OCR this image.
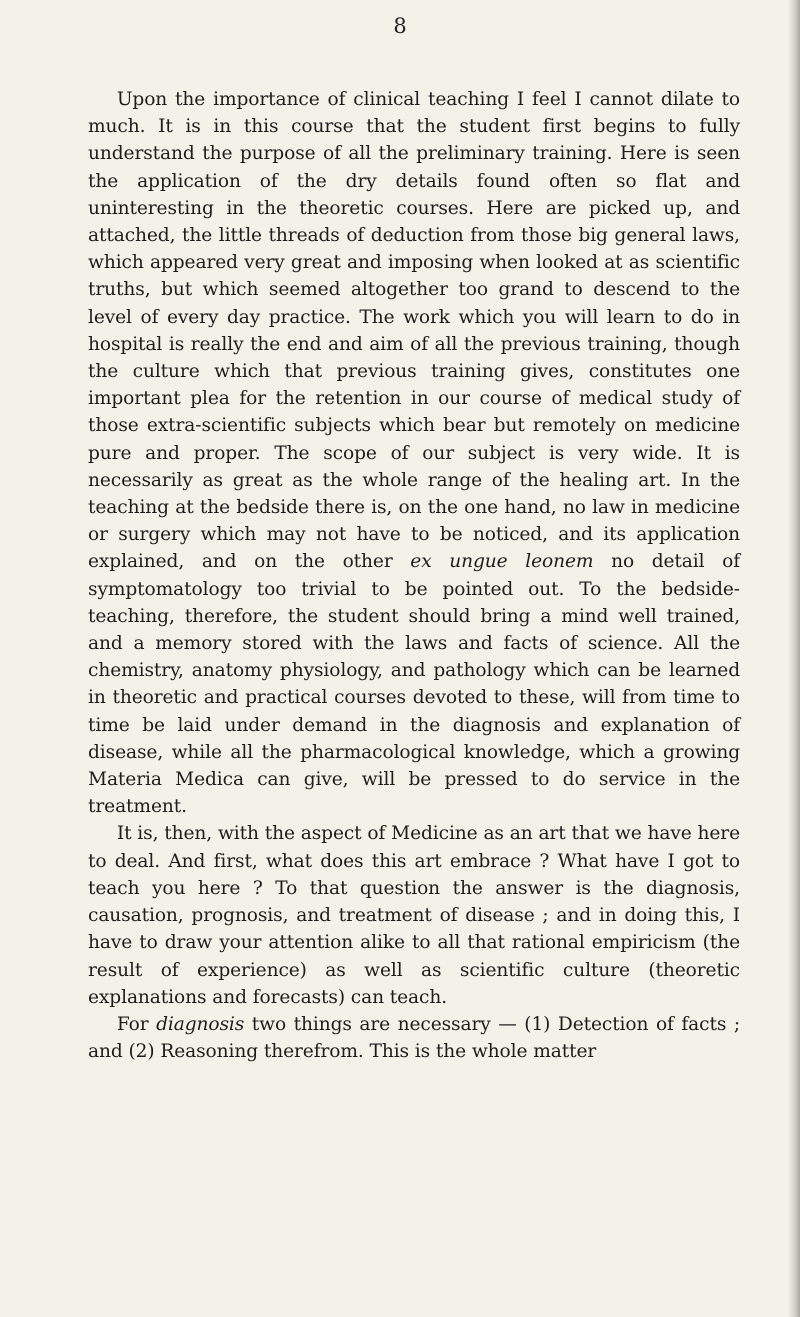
8

Upon the importance of clinical teaching I feel I cannot dilate to much. It is in this course that the student first begins to fully understand the purpose of all the preliminary training. Here is seen the application of the dry details found often so flat and uninteresting in the theoretic courses. Here are picked up, and attached, the little threads of deduction from those big general laws, which appeared very great and imposing when looked at as scientific truths, but which seemed altogether too grand to descend to the level of every day practice. The work which you will learn to do in hospital is really the end and aim of all the previous training, though the culture which that previous training gives, constitutes one important plea for the retention in our course of medical study of those extra-scientific subjects which bear but remotely on medicine pure and proper. The scope of our subject is very wide. It is necessarily as great as the whole range of the healing art. In the teaching at the bedside there is, on the one hand, no law in medicine or surgery which may not have to be noticed, and its application explained, and on the other ex ungue leonem no detail of symptomatology too trivial to be pointed out. To the bedside-teaching, therefore, the student should bring a mind well trained, and a memory stored with the laws and facts of science. All the chemistry, anatomy physiology, and pathology which can be learned in theoretic and practical courses devoted to these, will from time to time be laid under demand in the diagnosis and explanation of disease, while all the pharmacological knowledge, which a growing Materia Medica can give, will be pressed to do service in the treatment.

It is, then, with the aspect of Medicine as an art that we have here to deal. And first, what does this art embrace ? What have I got to teach you here ? To that question the answer is the diagnosis, causation, prognosis, and treatment of disease ; and in doing this, I have to draw your attention alike to all that rational empiricism (the result of experience) as well as scientific culture (theoretic explanations and forecasts) can teach.

For diagnosis two things are necessary — (1) Detection of facts ; and (2) Reasoning therefrom. This is the whole matter
